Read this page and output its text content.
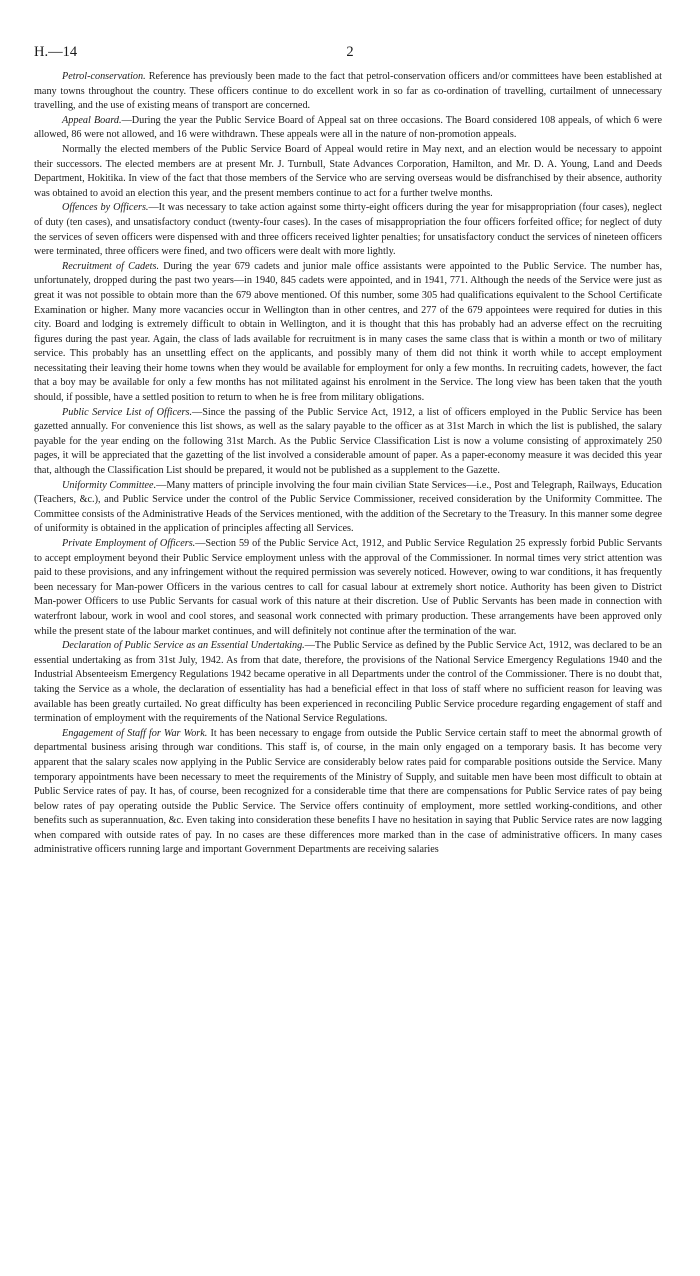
H.—14	2

Petrol-conservation. Reference has previously been made to the fact that petrol-conservation officers and/or committees have been established at many towns throughout the country. These officers continue to do excellent work in so far as co-ordination of travelling, curtailment of unnecessary travelling, and the use of existing means of transport are concerned.

Appeal Board.—During the year the Public Service Board of Appeal sat on three occasions. The Board considered 108 appeals, of which 6 were allowed, 86 were not allowed, and 16 were withdrawn. These appeals were all in the nature of non-promotion appeals.

Normally the elected members of the Public Service Board of Appeal would retire in May next, and an election would be necessary to appoint their successors. The elected members are at present Mr. J. Turnbull, State Advances Corporation, Hamilton, and Mr. D. A. Young, Land and Deeds Department, Hokitika. In view of the fact that those members of the Service who are serving overseas would be disfranchised by their absence, authority was obtained to avoid an election this year, and the present members continue to act for a further twelve months.

Offences by Officers.—It was necessary to take action against some thirty-eight officers during the year for misappropriation (four cases), neglect of duty (ten cases), and unsatisfactory conduct (twenty-four cases). In the cases of misappropriation the four officers forfeited office; for neglect of duty the services of seven officers were dispensed with and three officers received lighter penalties; for unsatisfactory conduct the services of nineteen officers were terminated, three officers were fined, and two officers were dealt with more lightly.

Recruitment of Cadets. During the year 679 cadets and junior male office assistants were appointed to the Public Service. The number has, unfortunately, dropped during the past two years—in 1940, 845 cadets were appointed, and in 1941, 771. Although the needs of the Service were just as great it was not possible to obtain more than the 679 above mentioned. Of this number, some 305 had qualifications equivalent to the School Certificate Examination or higher. Many more vacancies occur in Wellington than in other centres, and 277 of the 679 appointees were required for duties in this city. Board and lodging is extremely difficult to obtain in Wellington, and it is thought that this has probably had an adverse effect on the recruiting figures during the past year. Again, the class of lads available for recruitment is in many cases the same class that is within a month or two of military service. This probably has an unsettling effect on the applicants, and possibly many of them did not think it worth while to accept employment necessitating their leaving their home towns when they would be available for employment for only a few months. In recruiting cadets, however, the fact that a boy may be available for only a few months has not militated against his enrolment in the Service. The long view has been taken that the youth should, if possible, have a settled position to return to when he is free from military obligations.

Public Service List of Officers.—Since the passing of the Public Service Act, 1912, a list of officers employed in the Public Service has been gazetted annually. For convenience this list shows, as well as the salary payable to the officer as at 31st March in which the list is published, the salary payable for the year ending on the following 31st March. As the Public Service Classification List is now a volume consisting of approximately 250 pages, it will be appreciated that the gazetting of the list involved a considerable amount of paper. As a paper-economy measure it was decided this year that, although the Classification List should be prepared, it would not be published as a supplement to the Gazette.

Uniformity Committee.—Many matters of principle involving the four main civilian State Services—i.e., Post and Telegraph, Railways, Education (Teachers, &c.), and Public Service under the control of the Public Service Commissioner, received consideration by the Uniformity Committee. The Committee consists of the Administrative Heads of the Services mentioned, with the addition of the Secretary to the Treasury. In this manner some degree of uniformity is obtained in the application of principles affecting all Services.

Private Employment of Officers.—Section 59 of the Public Service Act, 1912, and Public Service Regulation 25 expressly forbid Public Servants to accept employment beyond their Public Service employment unless with the approval of the Commissioner. In normal times very strict attention was paid to these provisions, and any infringement without the required permission was severely noticed. However, owing to war conditions, it has frequently been necessary for Man-power Officers in the various centres to call for casual labour at extremely short notice. Authority has been given to District Man-power Officers to use Public Servants for casual work of this nature at their discretion. Use of Public Servants has been made in connection with waterfront labour, work in wool and cool stores, and seasonal work connected with primary production. These arrangements have been approved only while the present state of the labour market continues, and will definitely not continue after the termination of the war.

Declaration of Public Service as an Essential Undertaking.—The Public Service as defined by the Public Service Act, 1912, was declared to be an essential undertaking as from 31st July, 1942. As from that date, therefore, the provisions of the National Service Emergency Regulations 1940 and the Industrial Absenteeism Emergency Regulations 1942 became operative in all Departments under the control of the Commissioner. There is no doubt that, taking the Service as a whole, the declaration of essentiality has had a beneficial effect in that loss of staff where no sufficient reason for leaving was available has been greatly curtailed. No great difficulty has been experienced in reconciling Public Service procedure regarding engagement of staff and termination of employment with the requirements of the National Service Regulations.

Engagement of Staff for War Work. It has been necessary to engage from outside the Public Service certain staff to meet the abnormal growth of departmental business arising through war conditions. This staff is, of course, in the main only engaged on a temporary basis. It has become very apparent that the salary scales now applying in the Public Service are considerably below rates paid for comparable positions outside the Service. Many temporary appointments have been necessary to meet the requirements of the Ministry of Supply, and suitable men have been most difficult to obtain at Public Service rates of pay. It has, of course, been recognized for a considerable time that there are compensations for Public Service rates of pay being below rates of pay operating outside the Public Service. The Service offers continuity of employment, more settled working-conditions, and other benefits such as superannuation, &c. Even taking into consideration these benefits I have no hesitation in saying that Public Service rates are now lagging when compared with outside rates of pay. In no cases are these differences more marked than in the case of administrative officers. In many cases administrative officers running large and important Government Departments are receiving salaries
